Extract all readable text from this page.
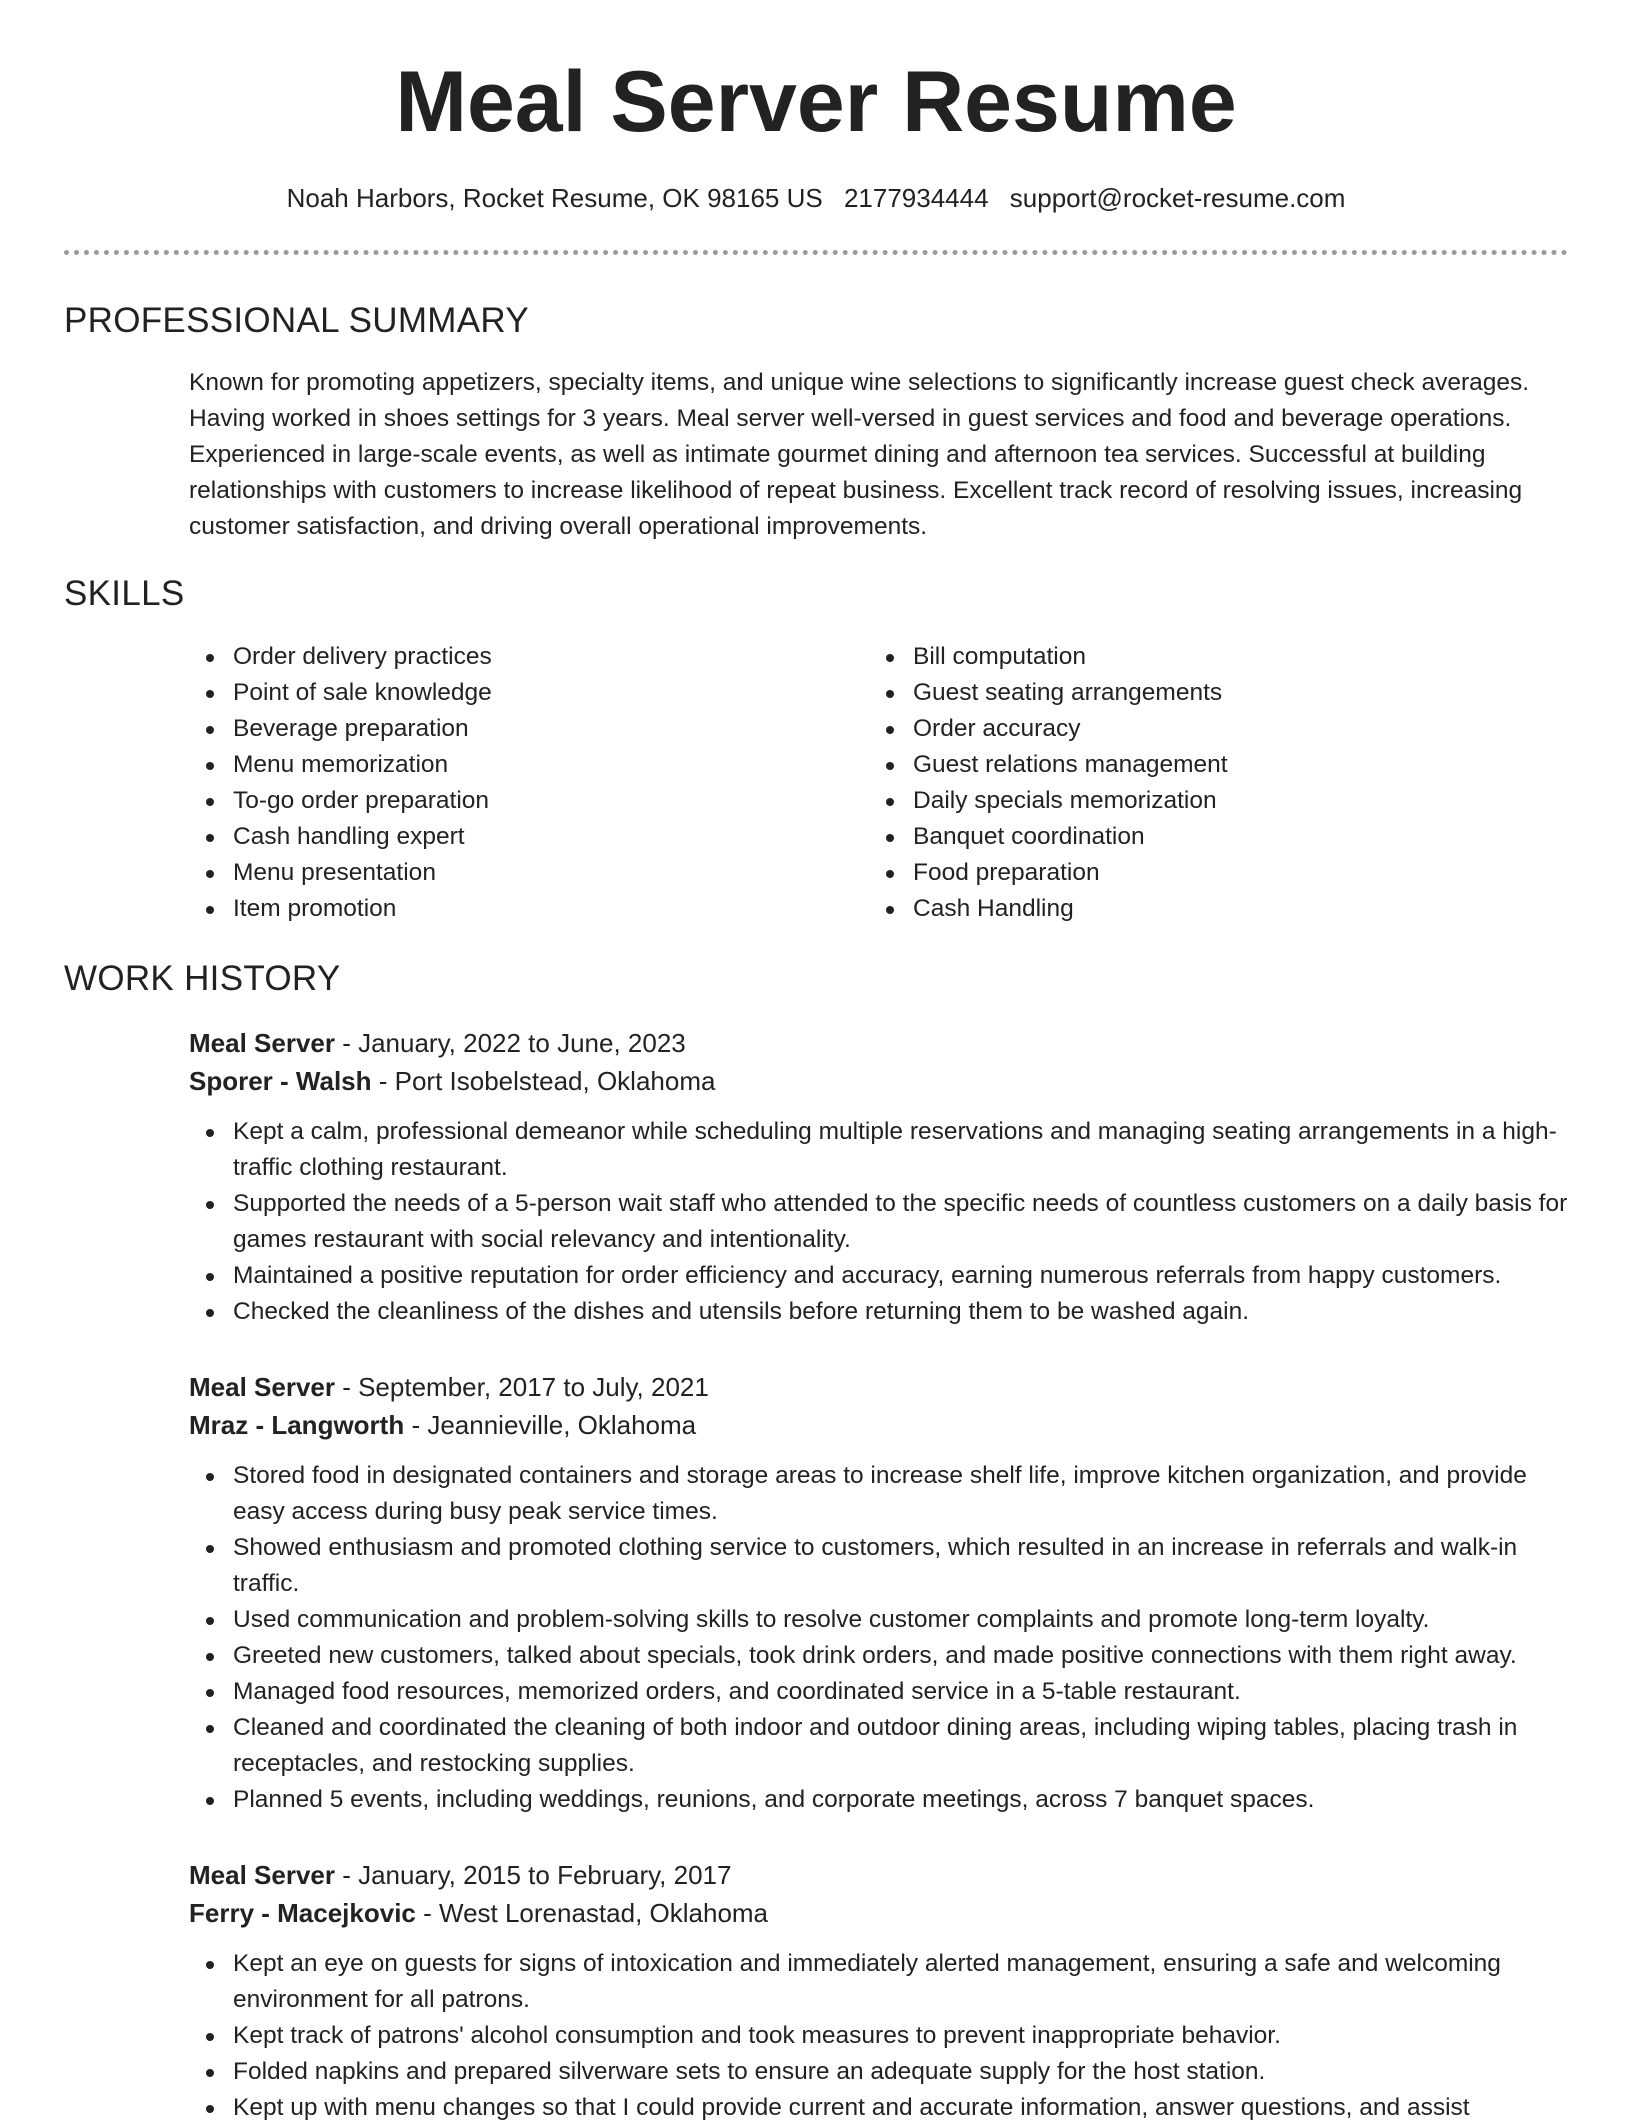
Meal Server Resume
Noah Harbors, Rocket Resume, OK 98165 US 2177934444 support@rocket-resume.com
PROFESSIONAL SUMMARY
Known for promoting appetizers, specialty items, and unique wine selections to significantly increase guest check averages. Having worked in shoes settings for 3 years. Meal server well-versed in guest services and food and beverage operations. Experienced in large-scale events, as well as intimate gourmet dining and afternoon tea services. Successful at building relationships with customers to increase likelihood of repeat business. Excellent track record of resolving issues, increasing customer satisfaction, and driving overall operational improvements.
SKILLS
Order delivery practices
Point of sale knowledge
Beverage preparation
Menu memorization
To-go order preparation
Cash handling expert
Menu presentation
Item promotion
Bill computation
Guest seating arrangements
Order accuracy
Guest relations management
Daily specials memorization
Banquet coordination
Food preparation
Cash Handling
WORK HISTORY
Meal Server - January, 2022 to June, 2023
Sporer - Walsh - Port Isobelstead, Oklahoma
Kept a calm, professional demeanor while scheduling multiple reservations and managing seating arrangements in a high-traffic clothing restaurant.
Supported the needs of a 5-person wait staff who attended to the specific needs of countless customers on a daily basis for games restaurant with social relevancy and intentionality.
Maintained a positive reputation for order efficiency and accuracy, earning numerous referrals from happy customers.
Checked the cleanliness of the dishes and utensils before returning them to be washed again.
Meal Server - September, 2017 to July, 2021
Mraz - Langworth - Jeannieville, Oklahoma
Stored food in designated containers and storage areas to increase shelf life, improve kitchen organization, and provide easy access during busy peak service times.
Showed enthusiasm and promoted clothing service to customers, which resulted in an increase in referrals and walk-in traffic.
Used communication and problem-solving skills to resolve customer complaints and promote long-term loyalty.
Greeted new customers, talked about specials, took drink orders, and made positive connections with them right away.
Managed food resources, memorized orders, and coordinated service in a 5-table restaurant.
Cleaned and coordinated the cleaning of both indoor and outdoor dining areas, including wiping tables, placing trash in receptacles, and restocking supplies.
Planned 5 events, including weddings, reunions, and corporate meetings, across 7 banquet spaces.
Meal Server - January, 2015 to February, 2017
Ferry - Macejkovic - West Lorenastad, Oklahoma
Kept an eye on guests for signs of intoxication and immediately alerted management, ensuring a safe and welcoming environment for all patrons.
Kept track of patrons' alcohol consumption and took measures to prevent inappropriate behavior.
Folded napkins and prepared silverware sets to ensure an adequate supply for the host station.
Kept up with menu changes so that I could provide current and accurate information, answer questions, and assist
